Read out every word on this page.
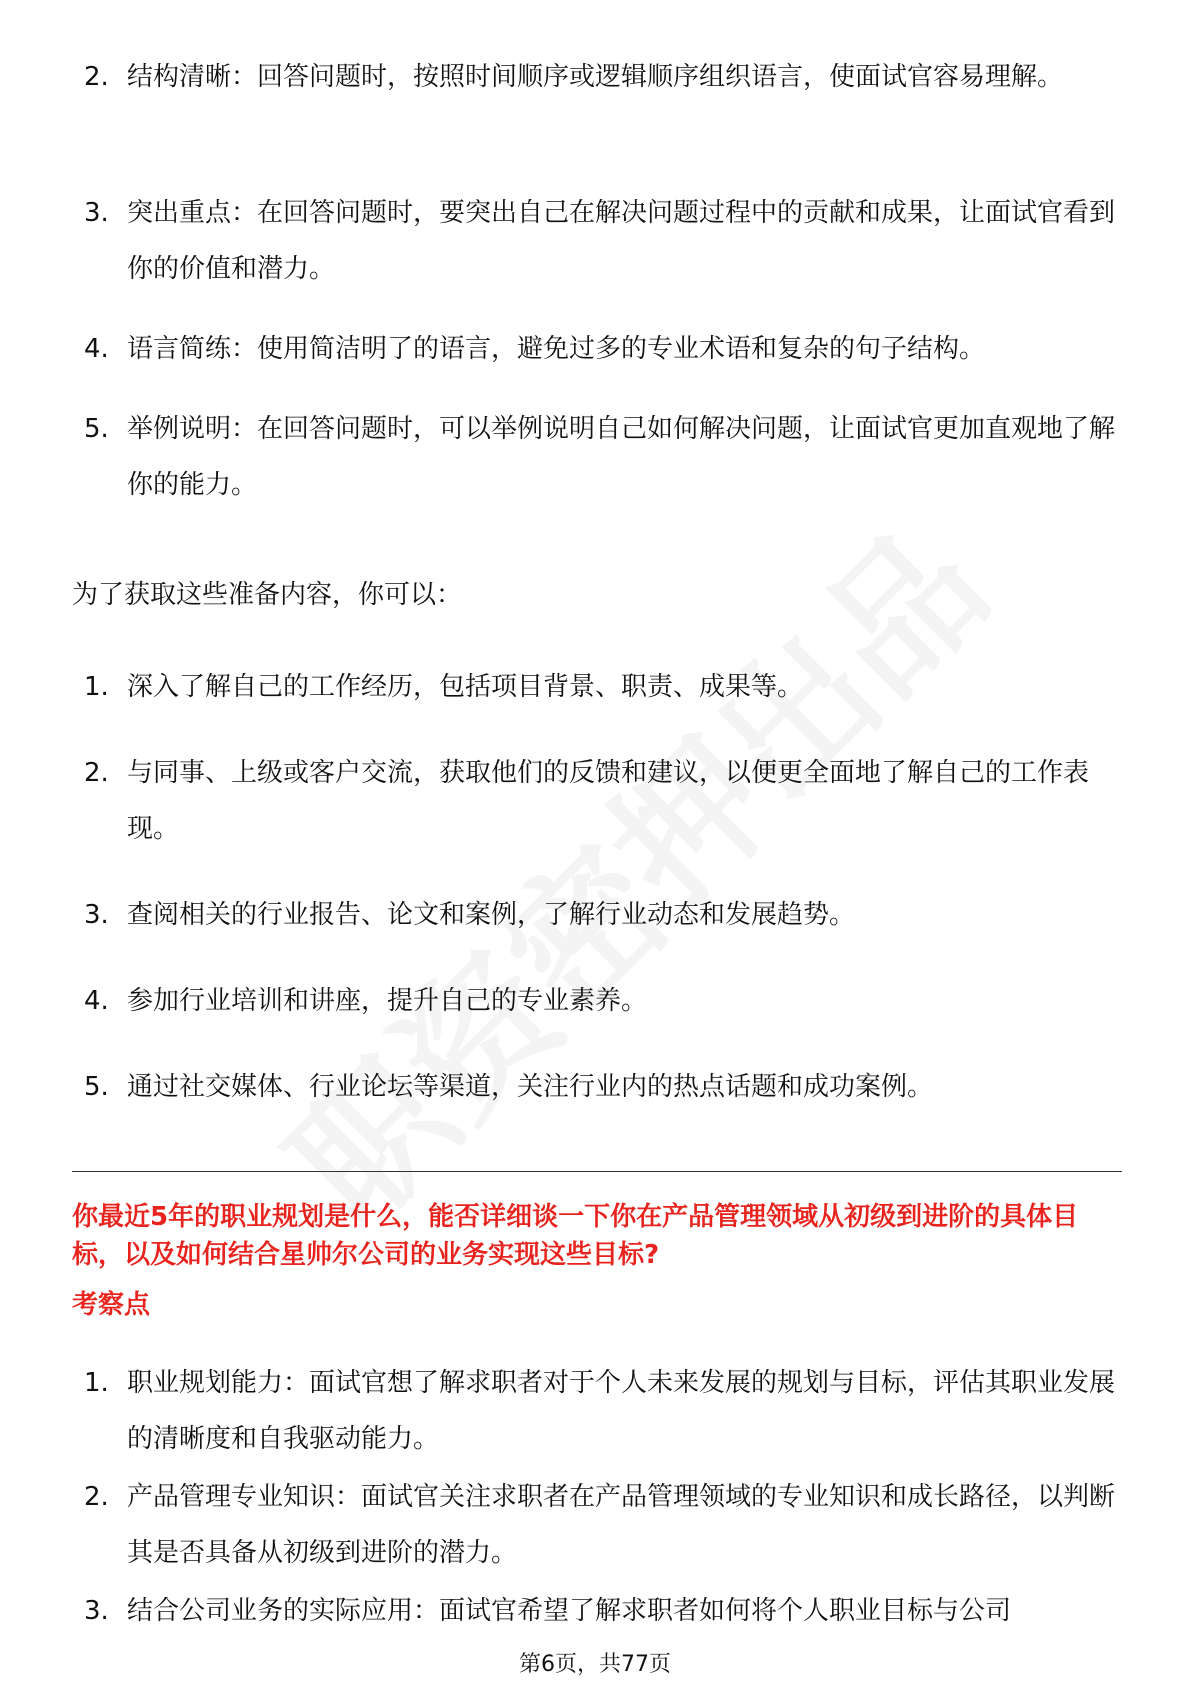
2. 结构清晰：回答问题时，按照时间顺序或逻辑顺序组织语言，使面试官容易理解。
3. 突出重点：在回答问题时，要突出自己在解决问题过程中的贡献和成果，让面试官看到你的价值和潜力。
4. 语言简练：使用简洁明了的语言，避免过多的专业术语和复杂的句子结构。
5. 举例说明：在回答问题时，可以举例说明自己如何解决问题，让面试官更加直观地了解你的能力。
为了获取这些准备内容，你可以：
1. 深入了解自己的工作经历，包括项目背景、职责、成果等。
2. 与同事、上级或客户交流，获取他们的反馈和建议，以便更全面地了解自己的工作表现。
3. 查阅相关的行业报告、论文和案例，了解行业动态和发展趋势。
4. 参加行业培训和讲座，提升自己的专业素养。
5. 通过社交媒体、行业论坛等渠道，关注行业内的热点话题和成功案例。
你最近5年的职业规划是什么，能否详细谈一下你在产品管理领域从初级到进阶的具体目标，以及如何结合星帅尔公司的业务实现这些目标?
考察点
1. 职业规划能力：面试官想了解求职者对于个人未来发展的规划与目标，评估其职业发展的清晰度和自我驱动能力。
2. 产品管理专业知识：面试官关注求职者在产品管理领域的专业知识和成长路径，以判断其是否具备从初级到进阶的潜力。
3. 结合公司业务的实际应用：面试官希望了解求职者如何将个人职业目标与公司
第6页，共77页
